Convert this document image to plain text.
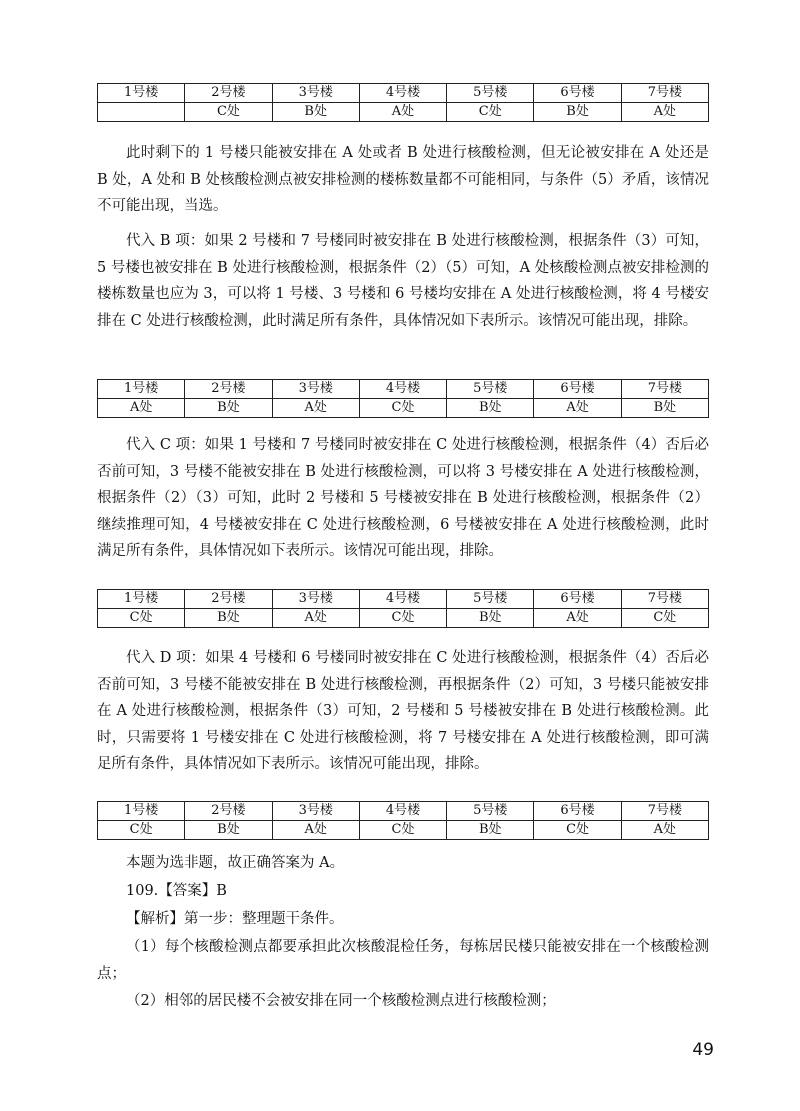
1号楼	2号楼	3号楼	4号楼	5号楼	6号楼	7号楼
	C处	B处	A处	C处	B处	A处

此时剩下的 1 号楼只能被安排在 A 处或者 B 处进行核酸检测，但无论被安排在 A 处还是 B 处，A 处和 B 处核酸检测点被安排检测的楼栋数量都不可能相同，与条件（5）矛盾，该情况不可能出现，当选。

代入 B 项：如果 2 号楼和 7 号楼同时被安排在 B 处进行核酸检测，根据条件（3）可知，5 号楼也被安排在 B 处进行核酸检测，根据条件（2）（5）可知，A 处核酸检测点被安排检测的楼栋数量也应为 3，可以将 1 号楼、3 号楼和 6 号楼均安排在 A 处进行核酸检测，将 4 号楼安排在 C 处进行核酸检测，此时满足所有条件，具体情况如下表所示。该情况可能出现，排除。

1号楼	2号楼	3号楼	4号楼	5号楼	6号楼	7号楼
A处	B处	A处	C处	B处	A处	B处

代入 C 项：如果 1 号楼和 7 号楼同时被安排在 C 处进行核酸检测，根据条件（4）否后必否前可知，3 号楼不能被安排在 B 处进行核酸检测，可以将 3 号楼安排在 A 处进行核酸检测，根据条件（2）（3）可知，此时 2 号楼和 5 号楼被安排在 B 处进行核酸检测，根据条件（2）继续推理可知，4 号楼被安排在 C 处进行核酸检测，6 号楼被安排在 A 处进行核酸检测，此时满足所有条件，具体情况如下表所示。该情况可能出现，排除。

1号楼	2号楼	3号楼	4号楼	5号楼	6号楼	7号楼
C处	B处	A处	C处	B处	A处	C处

代入 D 项：如果 4 号楼和 6 号楼同时被安排在 C 处进行核酸检测，根据条件（4）否后必否前可知，3 号楼不能被安排在 B 处进行核酸检测，再根据条件（2）可知，3 号楼只能被安排在 A 处进行核酸检测，根据条件（3）可知，2 号楼和 5 号楼被安排在 B 处进行核酸检测。此时，只需要将 1 号楼安排在 C 处进行核酸检测，将 7 号楼安排在 A 处进行核酸检测，即可满足所有条件，具体情况如下表所示。该情况可能出现，排除。

1号楼	2号楼	3号楼	4号楼	5号楼	6号楼	7号楼
C处	B处	A处	C处	B处	C处	A处

本题为选非题，故正确答案为 A。

109.【答案】B

【解析】第一步：整理题干条件。

（1）每个核酸检测点都要承担此次核酸混检任务，每栋居民楼只能被安排在一个核酸检测点；

（2）相邻的居民楼不会被安排在同一个核酸检测点进行核酸检测；

49
